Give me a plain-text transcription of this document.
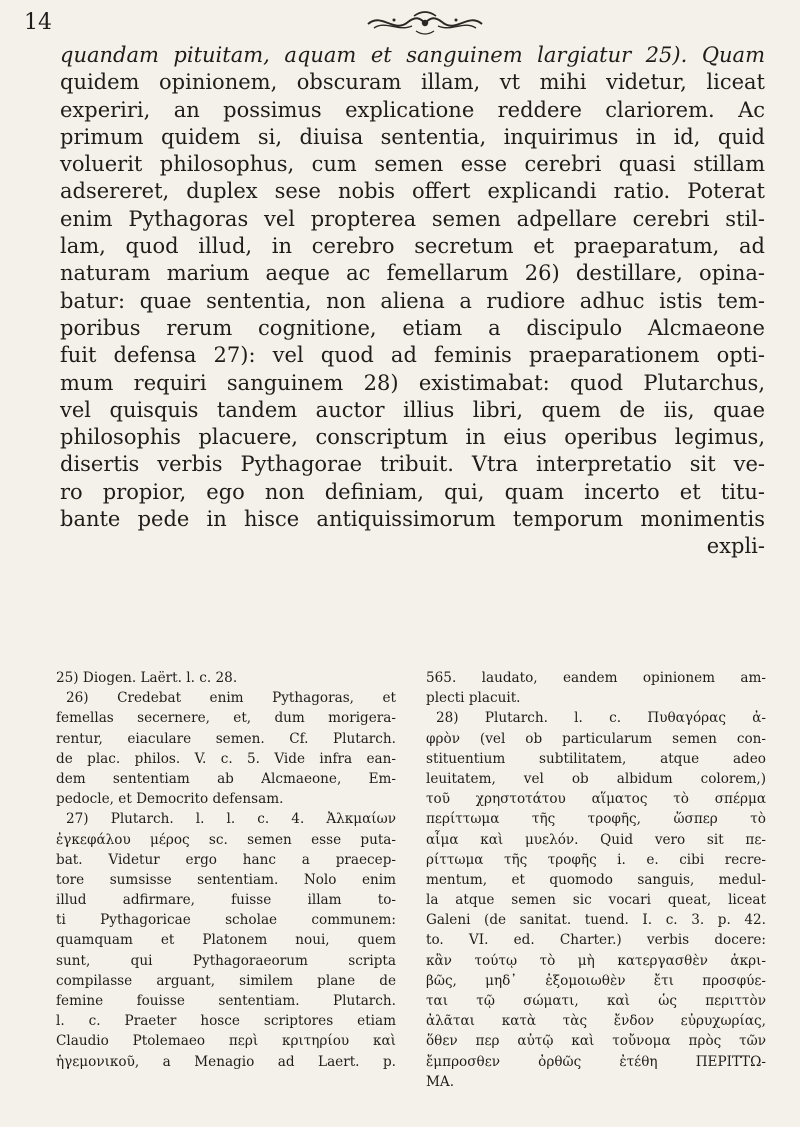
14
quandam pituitam, aquam et sanguinem largiatur 25). Quam
quidem opinionem, obscuram illam, vt mihi videtur, liceat
experiri, an possimus explicatione reddere clariorem. Ac
primum quidem si, diuisa sententia, inquirimus in id, quid
voluerit philosophus, cum semen esse cerebri quasi stillam
adsereret, duplex sese nobis offert explicandi ratio. Poterat
enim Pythagoras vel propterea semen adpellare cerebri stil-
lam, quod illud, in cerebro secretum et praeparatum, ad
naturam marium aeque ac femellarum 26) destillare, opina-
batur: quae sententia, non aliena a rudiore adhuc istis tem-
poribus rerum cognitione, etiam a discipulo Alcmaeone
fuit defensa 27): vel quod ad feminis praeparationem opti-
mum requiri sanguinem 28) existimabat: quod Plutarchus,
vel quisquis tandem auctor illius libri, quem de iis, quae
philosophis placuere, conscriptum in eius operibus legimus,
disertis verbis Pythagorae tribuit. Vtra interpretatio sit ve-
ro propior, ego non definiam, qui, quam incerto et titu-
bante pede in hisce antiquissimorum temporum monimentis
expli-
25) Diogen. Laërt. l. c. 28.
26) Credebat enim Pythagoras, et
femellas secernere, et, dum morigera-
rentur, eiaculare semen. Cf. Plutarch.
de plac. philos. V. c. 5. Vide infra ean-
dem sententiam ab Alcmaeone, Em-
pedocle, et Democrito defensam.
27) Plutarch. l. l. c. 4. Ἀλκμαίων
ἐγκεφάλου μέρος sc. semen esse puta-
bat. Videtur ergo hanc a praecep-
tore sumsisse sententiam. Nolo enim
illud adfirmare, fuisse illam to-
ti Pythagoricae scholae communem:
quamquam et Platonem noui, quem
sunt, qui Pythagoraeorum scripta
compilasse arguant, similem plane de
femine fouisse sententiam. Plutarch.
l. c. Praeter hosce scriptores etiam
Claudio Ptolemaeo περὶ κριτηρίου καὶ
ἡγεμονικοῦ, a Menagio ad Laert. p.
565. laudato, eandem opinionem am-
plecti placuit.
28) Plutarch. l. c. Πυθαγόρας ἀ-
φρὸν (vel ob particularum semen con-
stituentium subtilitatem, atque adeo
leuitatem, vel ob albidum colorem,)
τοῦ χρηστοτάτου αἵματος τὸ σπέρμα
περίττωμα τῆς τροφῆς, ὥσπερ τὸ
αἷμα καὶ μυελόν. Quid vero sit πε-
ρίττωμα τῆς τροφῆς i. e. cibi recre-
mentum, et quomodo sanguis, medul-
la atque semen sic vocari queat, liceat
Galeni (de sanitat. tuend. I. c. 3. p. 42.
to. VI. ed. Charter.) verbis docere:
κἂν τούτῳ τὸ μὴ κατεργασθὲν ἀκρι-
βῶς, μηδ᾽ ἐξομοιωθὲν ἔτι προσφύε-
ται τῷ σώματι, καὶ ὡς περιττὸν
ἀλᾶται κατὰ τὰς ἔνδον εὐρυχωρίας,
ὅθεν περ αὐτῷ καὶ τοὔνομα πρὸς τῶν
ἔμπροσθεν ὀρθῶς ἐτέθη ΠΕΡΙΤΤΩ-
ΜΑ.
